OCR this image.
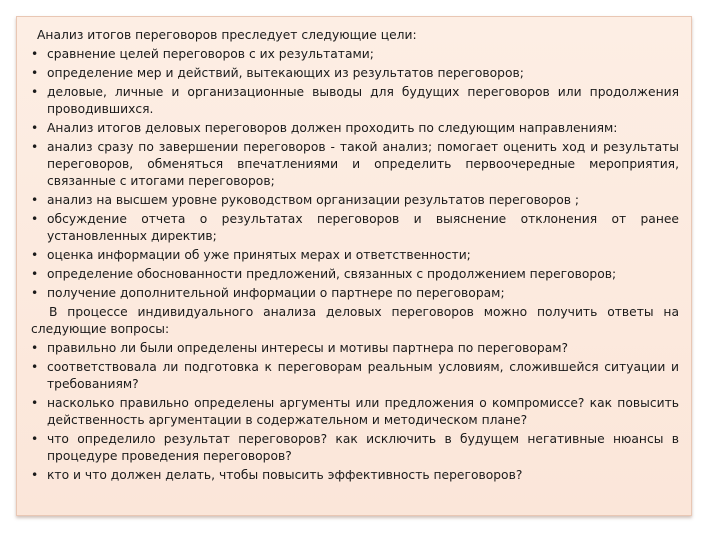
Анализ итогов переговоров преследует следующие цели:

• сравнение целей переговоров с их результатами;
• определение мер и действий, вытекающих из результатов переговоров;
• деловые, личные и организационные выводы для будущих переговоров или продолжения проводившихся.
• Анализ итогов деловых переговоров должен проходить по следующим направлениям:
• анализ сразу по завершении переговоров - такой анализ; помогает оценить ход и результаты переговоров, обменяться впечатлениями и определить первоочередные мероприятия, связанные с итогами переговоров;
• анализ на высшем уровне руководством организации результатов переговоров ;
• обсуждение отчета о результатах переговоров и выяснение отклонения от ранее установленных директив;
• оценка информации об уже принятых мерах и ответственности;
• определение обоснованности предложений, связанных с продолжением переговоров;
• получение дополнительной информации о партнере по переговорам;

В процессе индивидуального анализа деловых переговоров можно получить ответы на следующие вопросы:

• правильно ли были определены интересы и мотивы партнера по переговорам?
• соответствовала ли подготовка к переговорам реальным условиям, сложившейся ситуации и требованиям?
• насколько правильно определены аргументы или предложения о компромиссе? как повысить действенность аргументации в содержательном и методическом плане?
• что определило результат переговоров? как исключить в будущем негативные нюансы в процедуре проведения переговоров?
• кто и что должен делать, чтобы повысить эффективность переговоров?
